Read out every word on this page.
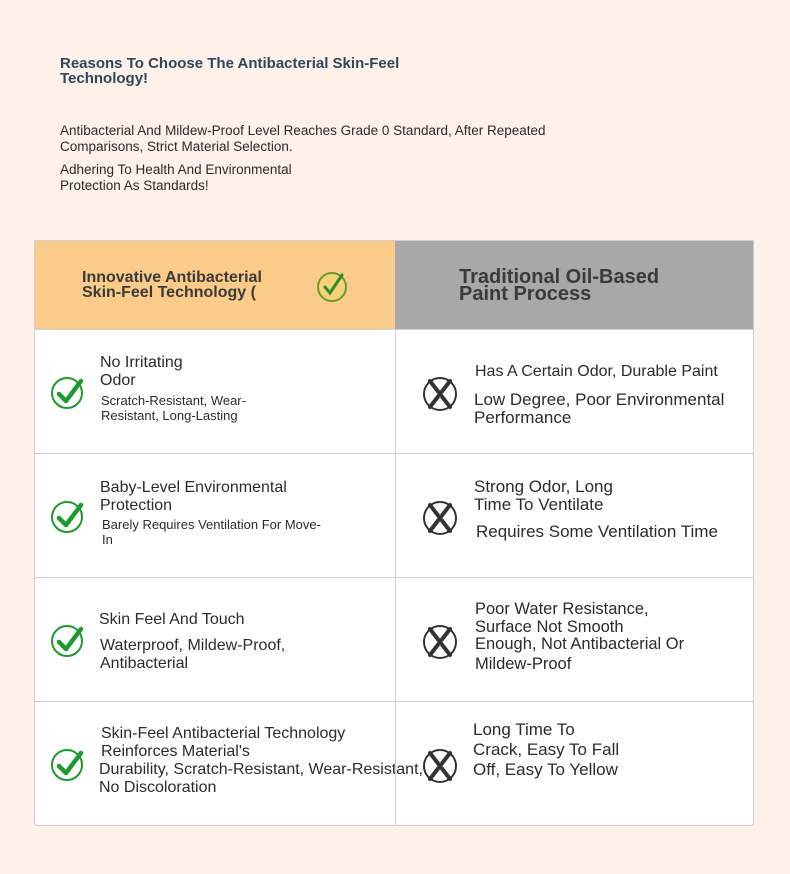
Reasons To Choose The Antibacterial Skin-Feel Technology!
Antibacterial And Mildew-Proof Level Reaches Grade 0 Standard, After Repeated Comparisons, Strict Material Selection.
Adhering To Health And Environmental Protection As Standards!
Innovative Antibacterial Skin-Feel Technology (
Traditional Oil-Based Paint Process
No Irritating Odor
Scratch-Resistant, Wear-Resistant, Long-Lasting
Has A Certain Odor, Durable Paint
Low Degree, Poor Environmental Performance
Baby-Level Environmental Protection
Barely Requires Ventilation For Move-In
Strong Odor, Long Time To Ventilate
Requires Some Ventilation Time
Skin Feel And Touch
Waterproof, Mildew-Proof, Antibacterial
Poor Water Resistance, Surface Not Smooth
Enough, Not Antibacterial Or Mildew-Proof
Skin-Feel Antibacterial Technology Reinforces Material's
Durability, Scratch-Resistant, Wear-Resistant, No Discoloration
Long Time To Crack, Easy To Fall Off, Easy To Yellow
